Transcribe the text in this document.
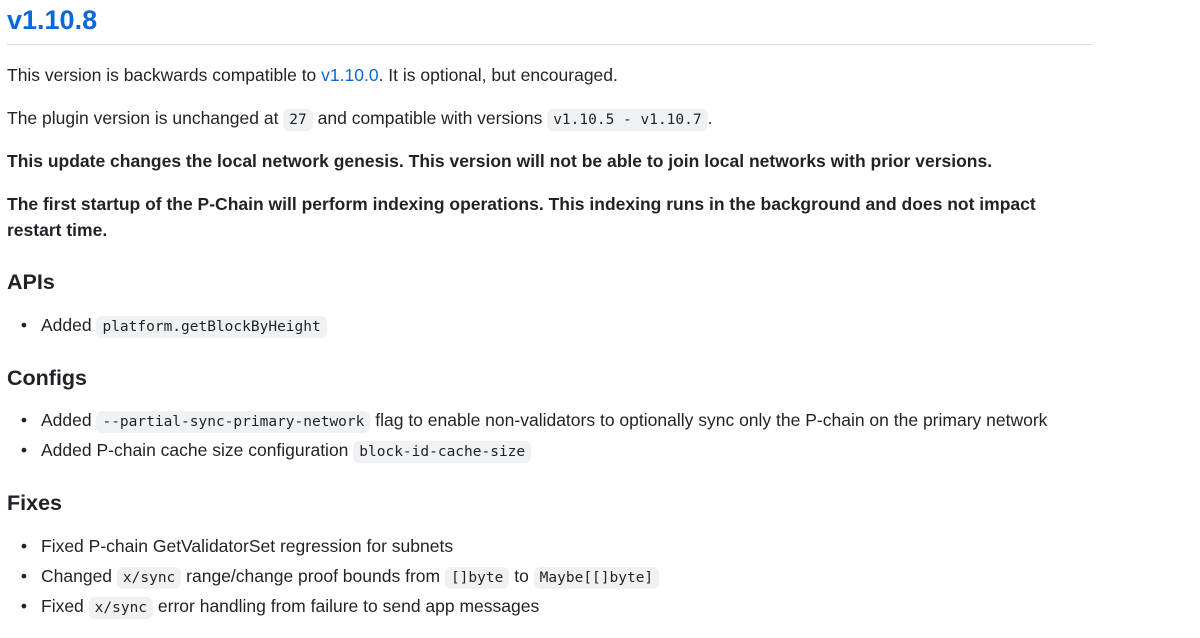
v1.10.8

This version is backwards compatible to v1.10.0. It is optional, but encouraged.

The plugin version is unchanged at 27 and compatible with versions v1.10.5 - v1.10.7 .

This update changes the local network genesis. This version will not be able to join local networks with prior versions.

The first startup of the P-Chain will perform indexing operations. This indexing runs in the background and does not impact restart time.

APIs

• Added platform.getBlockByHeight

Configs

• Added --partial-sync-primary-network flag to enable non-validators to optionally sync only the P-chain on the primary network

• Added P-chain cache size configuration block-id-cache-size

Fixes

• Fixed P-chain GetValidatorSet regression for subnets

• Changed x/sync range/change proof bounds from []byte to Maybe[[]byte]

• Fixed x/sync error handling from failure to send app messages
